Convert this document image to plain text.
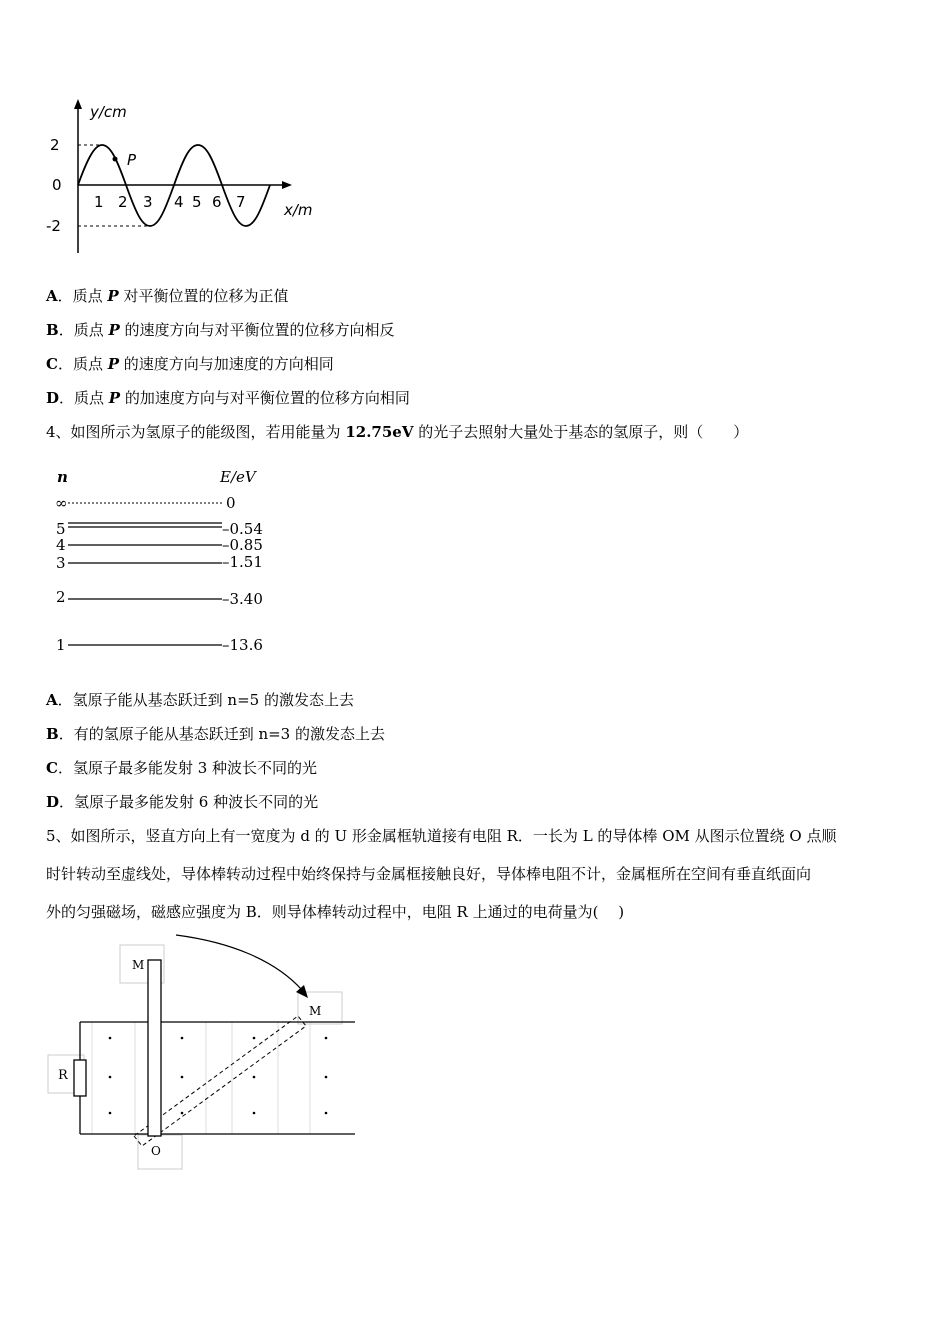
P
y/cm
x/m
2
0
-2
1 2 3 4 5 6 7
A．质点 P 对平衡位置的位移为正值
B．质点 P 的速度方向与对平衡位置的位移方向相反
C．质点 P 的速度方向与加速度的方向相同
D．质点 P 的加速度方向与对平衡位置的位移方向相同
4、如图所示为氢原子的能级图，若用能量为 12.75eV 的光子去照射大量处于基态的氢原子，则（　　）
n	E/eV
∞	0
5	–0.54
4	–0.85
3	–1.51
2	–3.40
1	–13.6
A．氢原子能从基态跃迁到 n=5 的激发态上去
B．有的氢原子能从基态跃迁到 n=3 的激发态上去
C．氢原子最多能发射 3 种波长不同的光
D．氢原子最多能发射 6 种波长不同的光
5、如图所示，竖直方向上有一宽度为 d 的 U 形金属框轨道接有电阻 R．一长为 L 的导体棒 OM 从图示位置绕 O 点顺
时针转动至虚线处，导体棒转动过程中始终保持与金属框接触良好，导体棒电阻不计，金属框所在空间有垂直纸面向
外的匀强磁场，磁感应强度为 B．则导体棒转动过程中，电阻 R 上通过的电荷量为(　 )
R
M
M
O
